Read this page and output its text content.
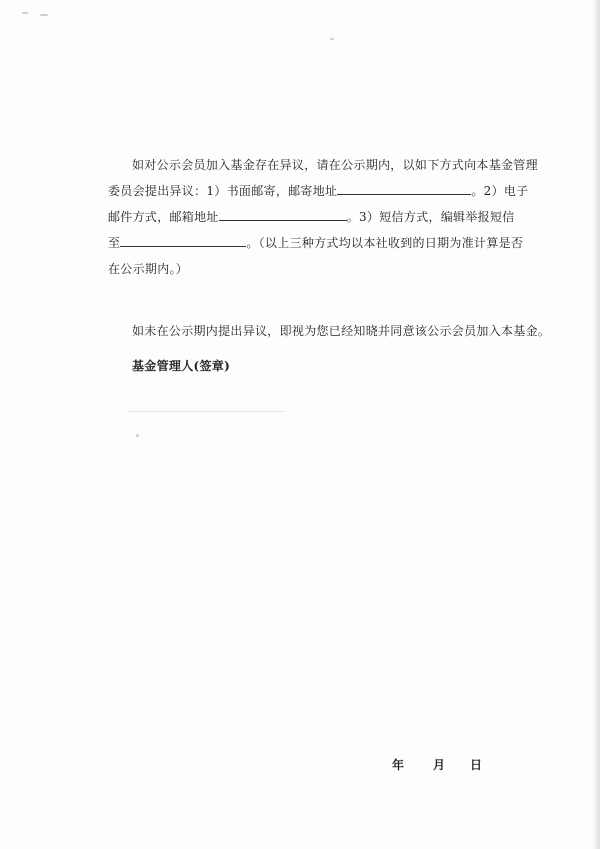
如对公示会员加入基金存在异议，请在公示期内，以如下方式向本基金管理
委员会提出异议：1）书面邮寄，邮寄地址	。2）电子
邮件方式，邮箱地址	。3）短信方式，编辑举报短信
至	。（以上三种方式均以本社收到的日期为准计算是否
在公示期内。）
如未在公示期内提出异议，即视为您已经知晓并同意该公示会员加入本基金。
基金管理人(签章)
年 月 日
